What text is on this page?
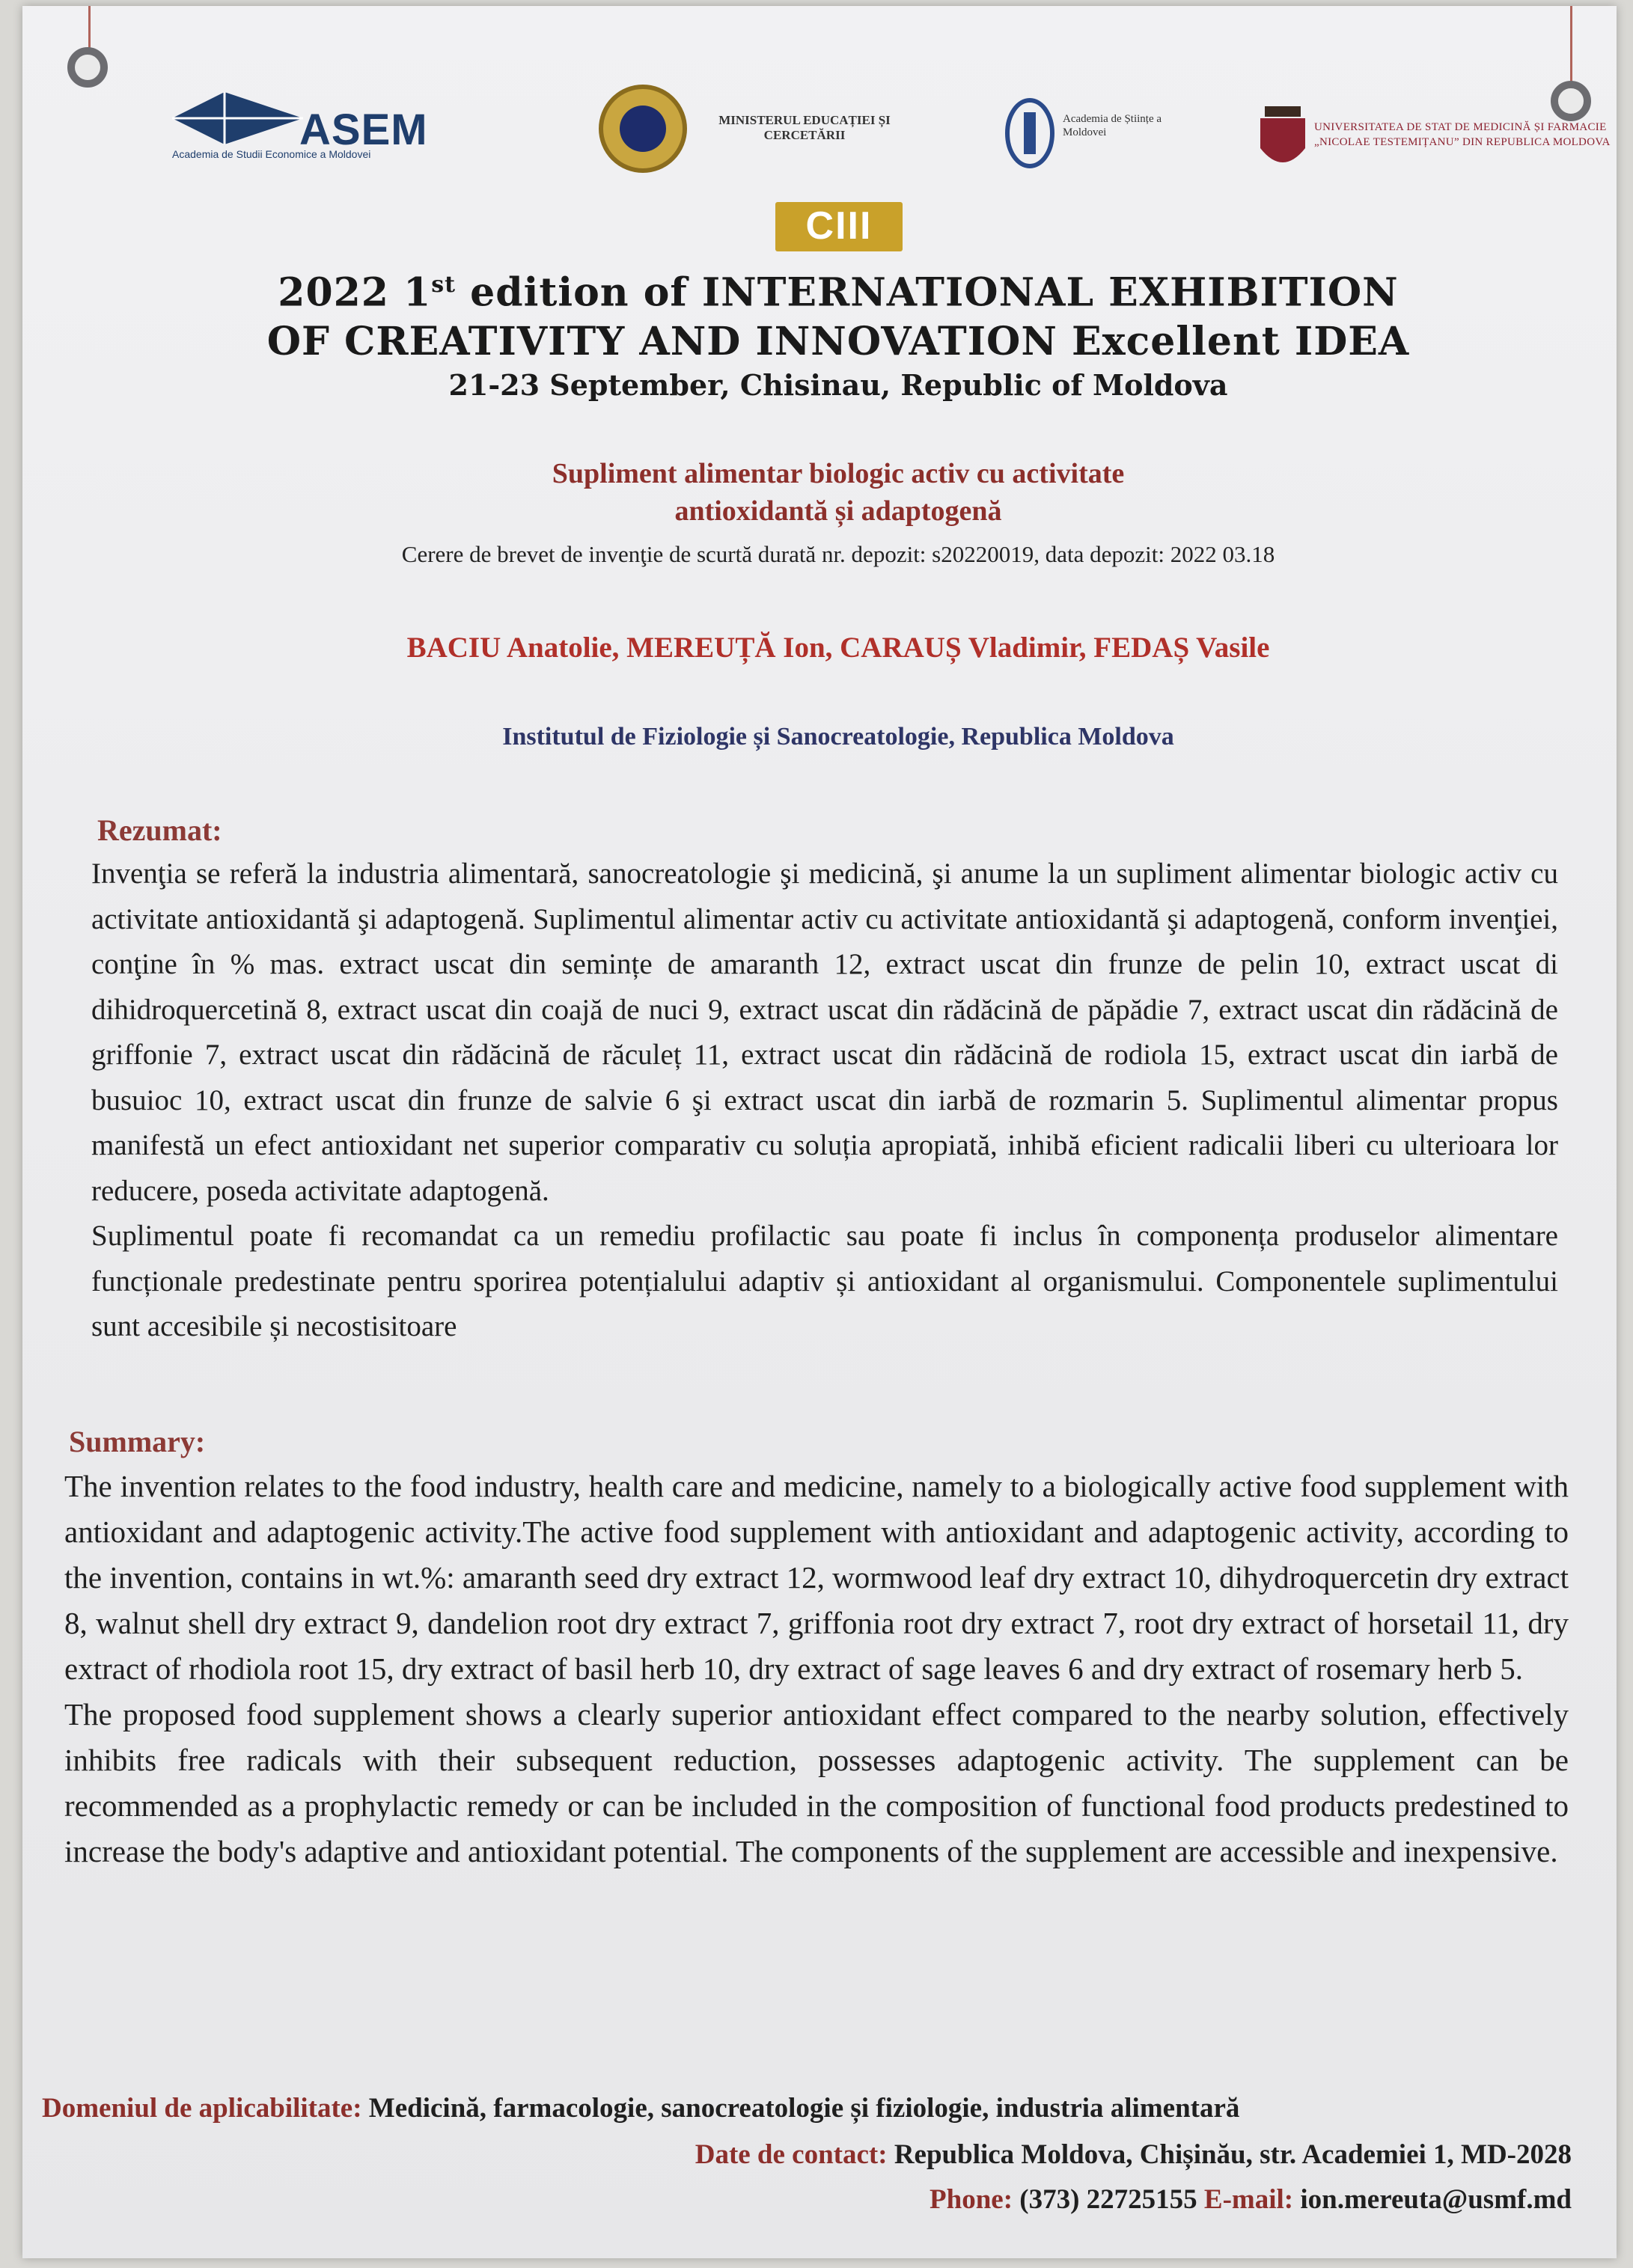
ASEM
Academia de Studii Economice a Moldovei
MINISTERUL EDUCAȚIEI ȘI CERCETĂRII
Academia de Științe a Moldovei	UNIVERSITATEA DE STAT DE MEDICINĂ ȘI FARMACIE „NICOLAE TESTEMIȚANU” DIN REPUBLICA MOLDOVA
CIII
2022 1st edition of INTERNATIONAL EXHIBITION
OF CREATIVITY AND INNOVATION Excellent IDEA
21-23 September, Chisinau, Republic of Moldova
Supliment alimentar biologic activ cu activitate
antioxidantă și adaptogenă
Cerere de brevet de invenţie de scurtă durată nr. depozit: s20220019, data depozit: 2022 03.18
BACIU Anatolie, MEREUȚĂ Ion, CARAUȘ Vladimir, FEDAȘ Vasile
Institutul de Fiziologie și Sanocreatologie, Republica Moldova
Rezumat:

Invenţia se referă la industria alimentară, sanocreatologie şi medicină, şi anume la un supliment alimentar biologic activ cu activitate antioxidantă şi adaptogenă. Suplimentul alimentar activ cu activitate antioxidantă şi adaptogenă, conform invenţiei, conţine în % mas. extract uscat din semințe de amaranth 12, extract uscat din frunze de pelin 10, extract uscat di dihidroquercetină 8, extract uscat din coajă de nuci 9, extract uscat din rădăcină de păpădie 7, extract uscat din rădăcină de griffonie 7, extract uscat din rădăcină de răculeț 11, extract uscat din rădăcină de rodiola 15, extract uscat din iarbă de busuioc 10, extract uscat din frunze de salvie 6 şi extract uscat din iarbă de rozmarin 5. Suplimentul alimentar propus manifestă un efect antioxidant net superior comparativ cu soluția apropiată, inhibă eficient radicalii liberi cu ulterioara lor reducere, poseda activitate adaptogenă.

Suplimentul poate fi recomandat ca un remediu profilactic sau poate fi inclus în componența produselor alimentare funcționale predestinate pentru sporirea potențialului adaptiv și antioxidant al organismului. Componentele suplimentului sunt accesibile și necostisitoare

Summary:

The invention relates to the food industry, health care and medicine, namely to a biologically active food supplement with antioxidant and adaptogenic activity.The active food supplement with antioxidant and adaptogenic activity, according to the invention, contains in wt.%: amaranth seed dry extract 12, wormwood leaf dry extract 10, dihydroquercetin dry extract 8, walnut shell dry extract 9, dandelion root dry extract 7, griffonia root dry extract 7, root dry extract of horsetail 11, dry extract of rhodiola root 15, dry extract of basil herb 10, dry extract of sage leaves 6 and dry extract of rosemary herb 5.

The proposed food supplement shows a clearly superior antioxidant effect compared to the nearby solution, effectively inhibits free radicals with their subsequent reduction, possesses adaptogenic activity. The supplement can be recommended as a prophylactic remedy or can be included in the composition of functional food products predestined to increase the body's adaptive and antioxidant potential. The components of the supplement are accessible and inexpensive.

Domeniul de aplicabilitate: Medicină, farmacologie, sanocreatologie și fiziologie, industria alimentară
Date de contact: Republica Moldova, Chișinău, str. Academiei 1, MD-2028
Phone: (373) 22725155 E-mail: ion.mereuta@usmf.md
